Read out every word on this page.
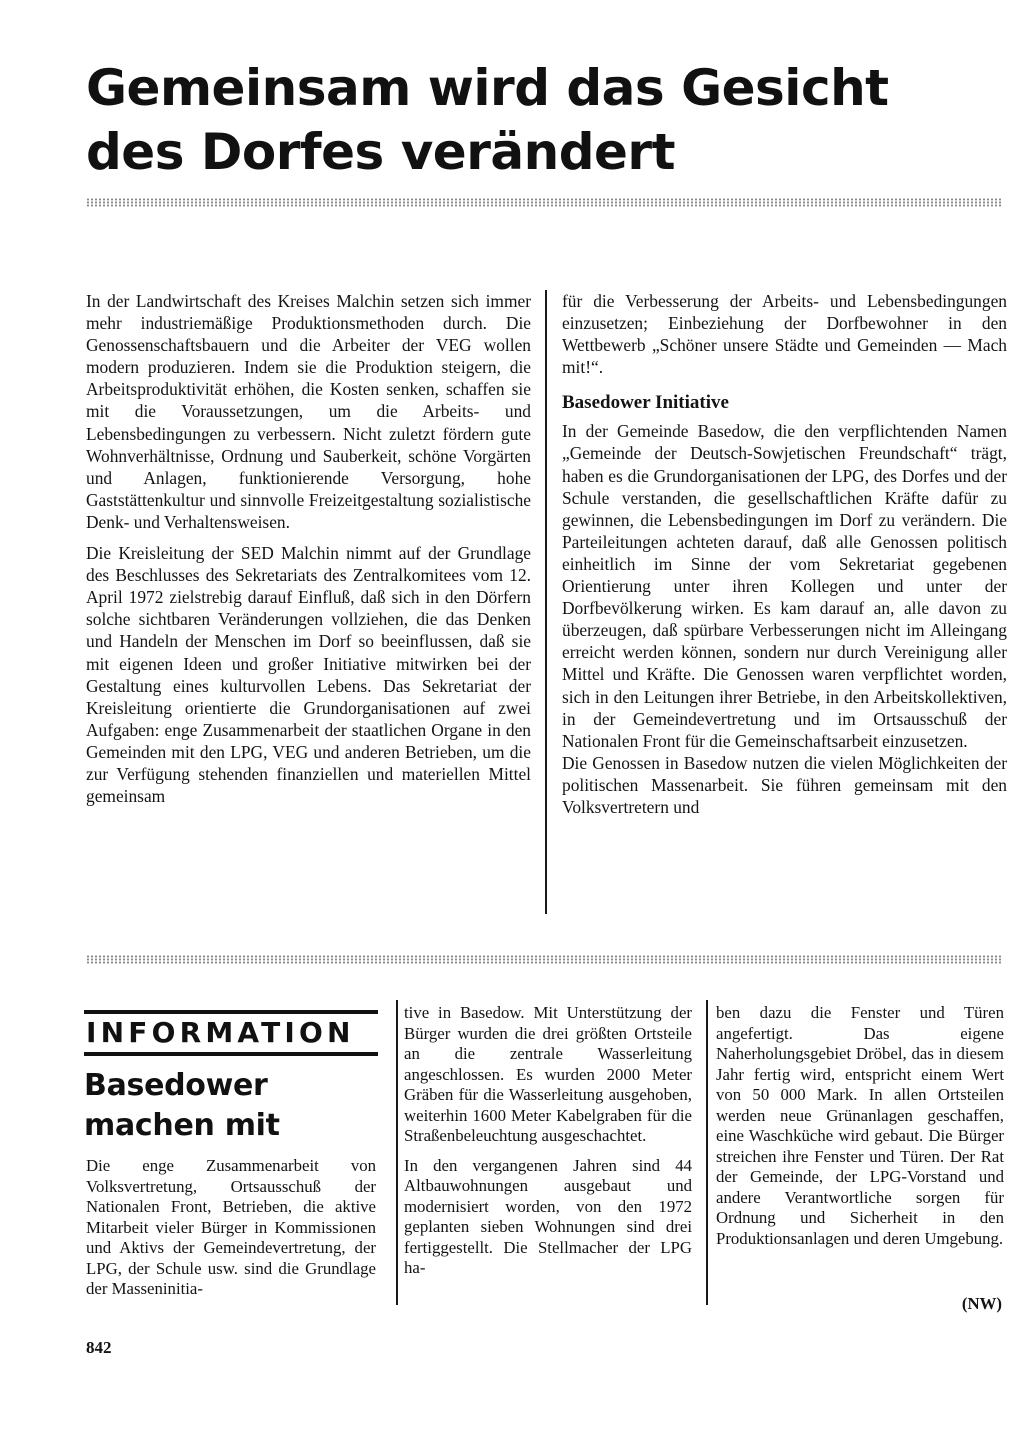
Gemeinsam wird das Gesicht
des Dorfes verändert

In der Landwirtschaft des Kreises Malchin setzen sich immer mehr industriemäßige Produktionsmethoden durch. Die Genossenschaftsbauern und die Arbeiter der VEG wollen modern produzieren. Indem sie die Produktion steigern, die Arbeitsproduktivität erhöhen, die Kosten senken, schaffen sie mit die Voraussetzungen, um die Arbeits- und Lebensbedingungen zu verbessern. Nicht zuletzt fördern gute Wohnverhältnisse, Ordnung und Sauberkeit, schöne Vorgärten und Anlagen, funktionierende Versorgung, hohe Gaststättenkultur und sinnvolle Freizeitgestaltung sozialistische Denk- und Verhaltensweisen.

Die Kreisleitung der SED Malchin nimmt auf der Grundlage des Beschlusses des Sekretariats des Zentralkomitees vom 12. April 1972 zielstrebig darauf Einfluß, daß sich in den Dörfern solche sichtbaren Veränderungen vollziehen, die das Denken und Handeln der Menschen im Dorf so beeinflussen, daß sie mit eigenen Ideen und großer Initiative mitwirken bei der Gestaltung eines kulturvollen Lebens. Das Sekretariat der Kreisleitung orientierte die Grundorganisationen auf zwei Aufgaben: enge Zusammenarbeit der staatlichen Organe in den Gemeinden mit den LPG, VEG und anderen Betrieben, um die zur Verfügung stehenden finanziellen und materiellen Mittel gemeinsam

für die Verbesserung der Arbeits- und Lebensbedingungen einzusetzen; Einbeziehung der Dorfbewohner in den Wettbewerb „Schöner unsere Städte und Gemeinden — Mach mit!“.

Basedower Initiative

In der Gemeinde Basedow, die den verpflichtenden Namen „Gemeinde der Deutsch-Sowjetischen Freundschaft“ trägt, haben es die Grundorganisationen der LPG, des Dorfes und der Schule verstanden, die gesellschaftlichen Kräfte dafür zu gewinnen, die Lebensbedingungen im Dorf zu verändern. Die Parteileitungen achteten darauf, daß alle Genossen politisch einheitlich im Sinne der vom Sekretariat gegebenen Orientierung unter ihren Kollegen und unter der Dorfbevölkerung wirken. Es kam darauf an, alle davon zu überzeugen, daß spürbare Verbesserungen nicht im Alleingang erreicht werden können, sondern nur durch Vereinigung aller Mittel und Kräfte. Die Genossen waren verpflichtet worden, sich in den Leitungen ihrer Betriebe, in den Arbeitskollektiven, in der Gemeindevertretung und im Ortsausschuß der Nationalen Front für die Gemeinschaftsarbeit einzusetzen.

Die Genossen in Basedow nutzen die vielen Möglichkeiten der politischen Massenarbeit. Sie führen gemeinsam mit den Volksvertretern und

INFORMATION
Basedower
machen mit

Die enge Zusammenarbeit von Volksvertretung, Ortsausschuß der Nationalen Front, Betrieben, die aktive Mitarbeit vieler Bürger in Kommissionen und Aktivs der Gemeindevertretung, der LPG, der Schule usw. sind die Grundlage der Masseninitia-

tive in Basedow. Mit Unterstützung der Bürger wurden die drei größten Ortsteile an die zentrale Wasserleitung angeschlossen. Es wurden 2000 Meter Gräben für die Wasserleitung ausgehoben, weiterhin 1600 Meter Kabelgraben für die Straßenbeleuchtung ausgeschachtet.

In den vergangenen Jahren sind 44 Altbauwohnungen ausgebaut und modernisiert worden, von den 1972 geplanten sieben Wohnungen sind drei fertiggestellt. Die Stellmacher der LPG ha-

ben dazu die Fenster und Türen angefertigt. Das eigene Naherholungsgebiet Dröbel, das in diesem Jahr fertig wird, entspricht einem Wert von 50 000 Mark. In allen Ortsteilen werden neue Grünanlagen geschaffen, eine Waschküche wird gebaut. Die Bürger streichen ihre Fenster und Türen. Der Rat der Gemeinde, der LPG-Vorstand und andere Verantwortliche sorgen für Ordnung und Sicherheit in den Produktionsanlagen und deren Umgebung.

(NW)
842
